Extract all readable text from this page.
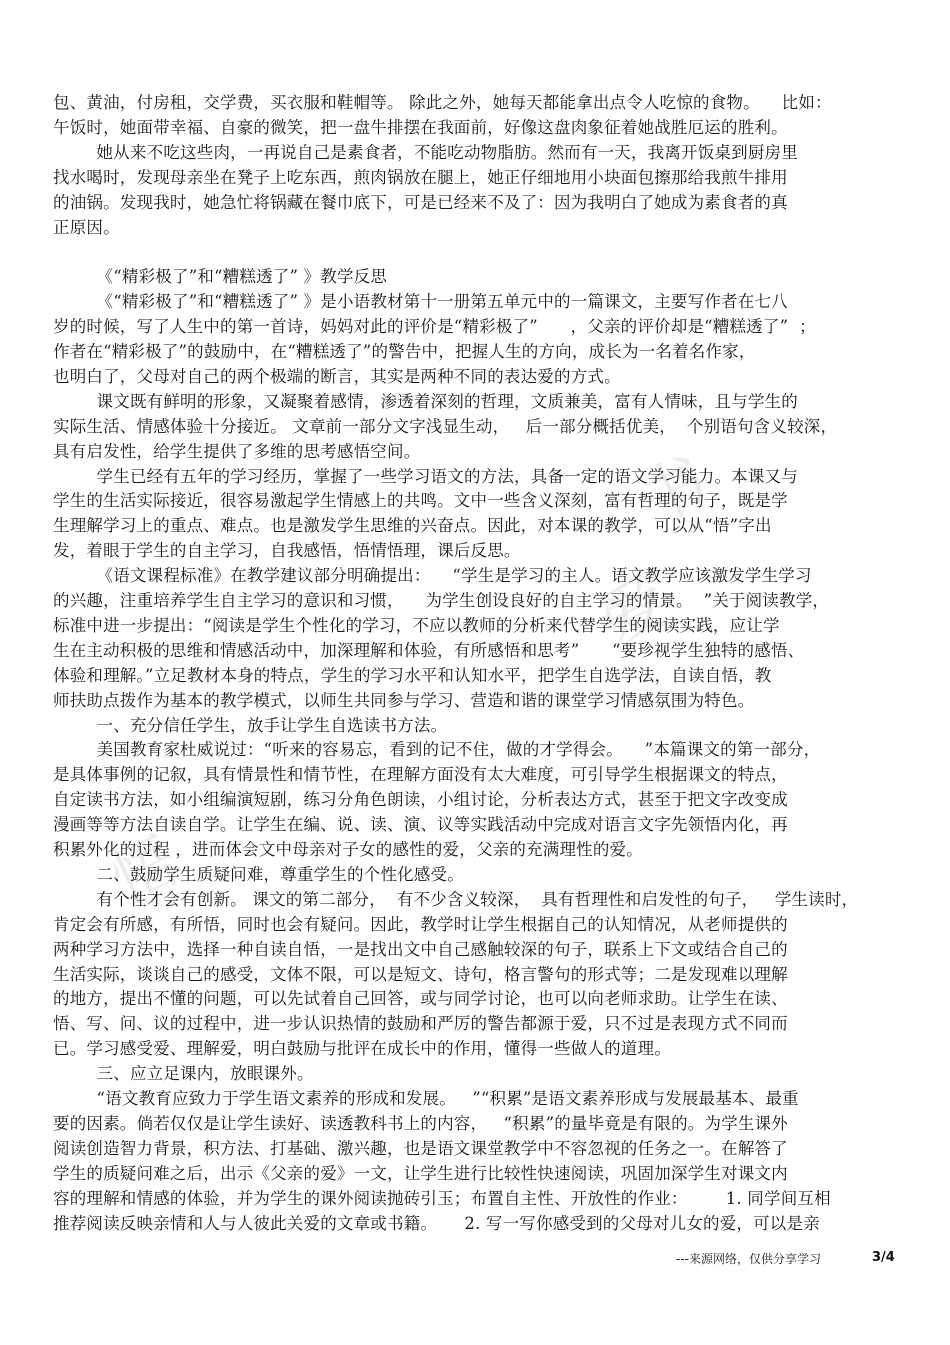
书
爱
悟
包、黄油，付房租，交学费，买衣服和鞋帽等。 除此之外，她每天都能拿出点令人吃惊的食物。    比如：
午饭时，她面带幸福、自豪的微笑，把一盘牛排摆在我面前，好像这盘肉象征着她战胜厄运的胜利。
她从来不吃这些肉，一再说自己是素食者，不能吃动物脂肪。然而有一天，我离开饭桌到厨房里
找水喝时，发现母亲坐在凳子上吃东西，煎肉锅放在腿上，她正仔细地用小块面包擦那给我煎牛排用
的油锅。发现我时，她急忙将锅藏在餐巾底下，可是已经来不及了：因为我明白了她成为素食者的真
正原因。
《“精彩极了”和“糟糕透了” 》教学反思
《“精彩极了”和“糟糕透了” 》是小语教材第十一册第五单元中的一篇课文，主要写作者在七八
岁的时候，写了人生中的第一首诗，妈妈对此的评价是“精彩极了”      ，父亲的评价却是“糟糕透了”  ；
作者在“精彩极了”的鼓励中，在“糟糕透了”的警告中，把握人生的方向，成长为一名着名作家，
也明白了，父母对自己的两个极端的断言，其实是两种不同的表达爱的方式。
课文既有鲜明的形象，又凝聚着感情，渗透着深刻的哲理，文质兼美，富有人情味，且与学生的
实际生活、情感体验十分接近。 文章前一部分文字浅显生动，   后一部分概括优美，  个别语句含义较深，
具有启发性，给学生提供了多维的思考感悟空间。
学生已经有五年的学习经历，掌握了一些学习语文的方法，具备一定的语文学习能力。本课又与
学生的生活实际接近，很容易激起学生情感上的共鸣。文中一些含义深刻，富有哲理的句子，既是学
生理解学习上的重点、难点。也是激发学生思维的兴奋点。因此，对本课的教学，可以从“悟”字出
发，着眼于学生的自主学习，自我感悟，悟情悟理，课后反思。
《语文课程标准》在教学建议部分明确提出：    “学生是学习的主人。语文教学应该激发学生学习
的兴趣，注重培养学生自主学习的意识和习惯，    为学生创设良好的自主学习的情景。  ”关于阅读教学，
标准中进一步提出：“阅读是学生个性化的学习，不应以教师的分析来代替学生的阅读实践，应让学
生在主动积极的思维和情感活动中，加深理解和体验，有所感悟和思考”      “要珍视学生独特的感悟、
体验和理解。”立足教材本身的特点，学生的学习水平和认知水平，把学生自选学法，自读自悟，教
师扶助点拨作为基本的教学模式，以师生共同参与学习、营造和谐的课堂学习情感氛围为特色。
一、充分信任学生，放手让学生自选读书方法。
美国教育家杜威说过：“听来的容易忘，看到的记不住，做的才学得会。    ”本篇课文的第一部分，
是具体事例的记叙，具有情景性和情节性，在理解方面没有太大难度，可引导学生根据课文的特点，
自定读书方法，如小组编演短剧，练习分角色朗读，小组讨论，分析表达方式，甚至于把文字改变成
漫画等等方法自读自学。让学生在编、说、读、演、议等实践活动中完成对语言文字先领悟内化，再
积累外化的过程 ，进而体会文中母亲对子女的感性的爱，父亲的充满理性的爱。
二、鼓励学生质疑问难，尊重学生的个性化感受。
有个性才会有创新。 课文的第二部分，  有不少含义较深，  具有哲理性和启发性的句子，   学生读时，
肯定会有所感，有所悟，同时也会有疑问。因此，教学时让学生根据自己的认知情况，从老师提供的
两种学习方法中，选择一种自读自悟，一是找出文中自己感触较深的句子，联系上下文或结合自己的
生活实际，谈谈自己的感受，文体不限，可以是短文、诗句，格言警句的形式等；二是发现难以理解
的地方，提出不懂的问题，可以先试着自己回答，或与同学讨论，也可以向老师求助。让学生在读、
悟、写、问、议的过程中，进一步认识热情的鼓励和严厉的警告都源于爱，只不过是表现方式不同而
已。学习感受爱、理解爱，明白鼓励与批评在成长中的作用，懂得一些做人的道理。
三、应立足课内，放眼课外。
“语文教育应致力于学生语文素养的形成和发展。   ”“积累”是语文素养形成与发展最基本、最重
要的因素。倘若仅仅是让学生读好、读透教科书上的内容，   “积累”的量毕竟是有限的。为学生课外
阅读创造智力背景，积方法、打基础、激兴趣，也是语文课堂教学中不容忽视的任务之一。在解答了
学生的质疑问难之后，出示《父亲的爱》一文，让学生进行比较性快速阅读，巩固加深学生对课文内
容的理解和情感的体验，并为学生的课外阅读抛砖引玉；布置自主性、开放性的作业：       1. 同学间互相
推荐阅读反映亲情和人与人彼此关爱的文章或书籍。     2. 写一写你感受到的父母对儿女的爱，可以是亲
---来源网络，仅供分享学习	3/4
